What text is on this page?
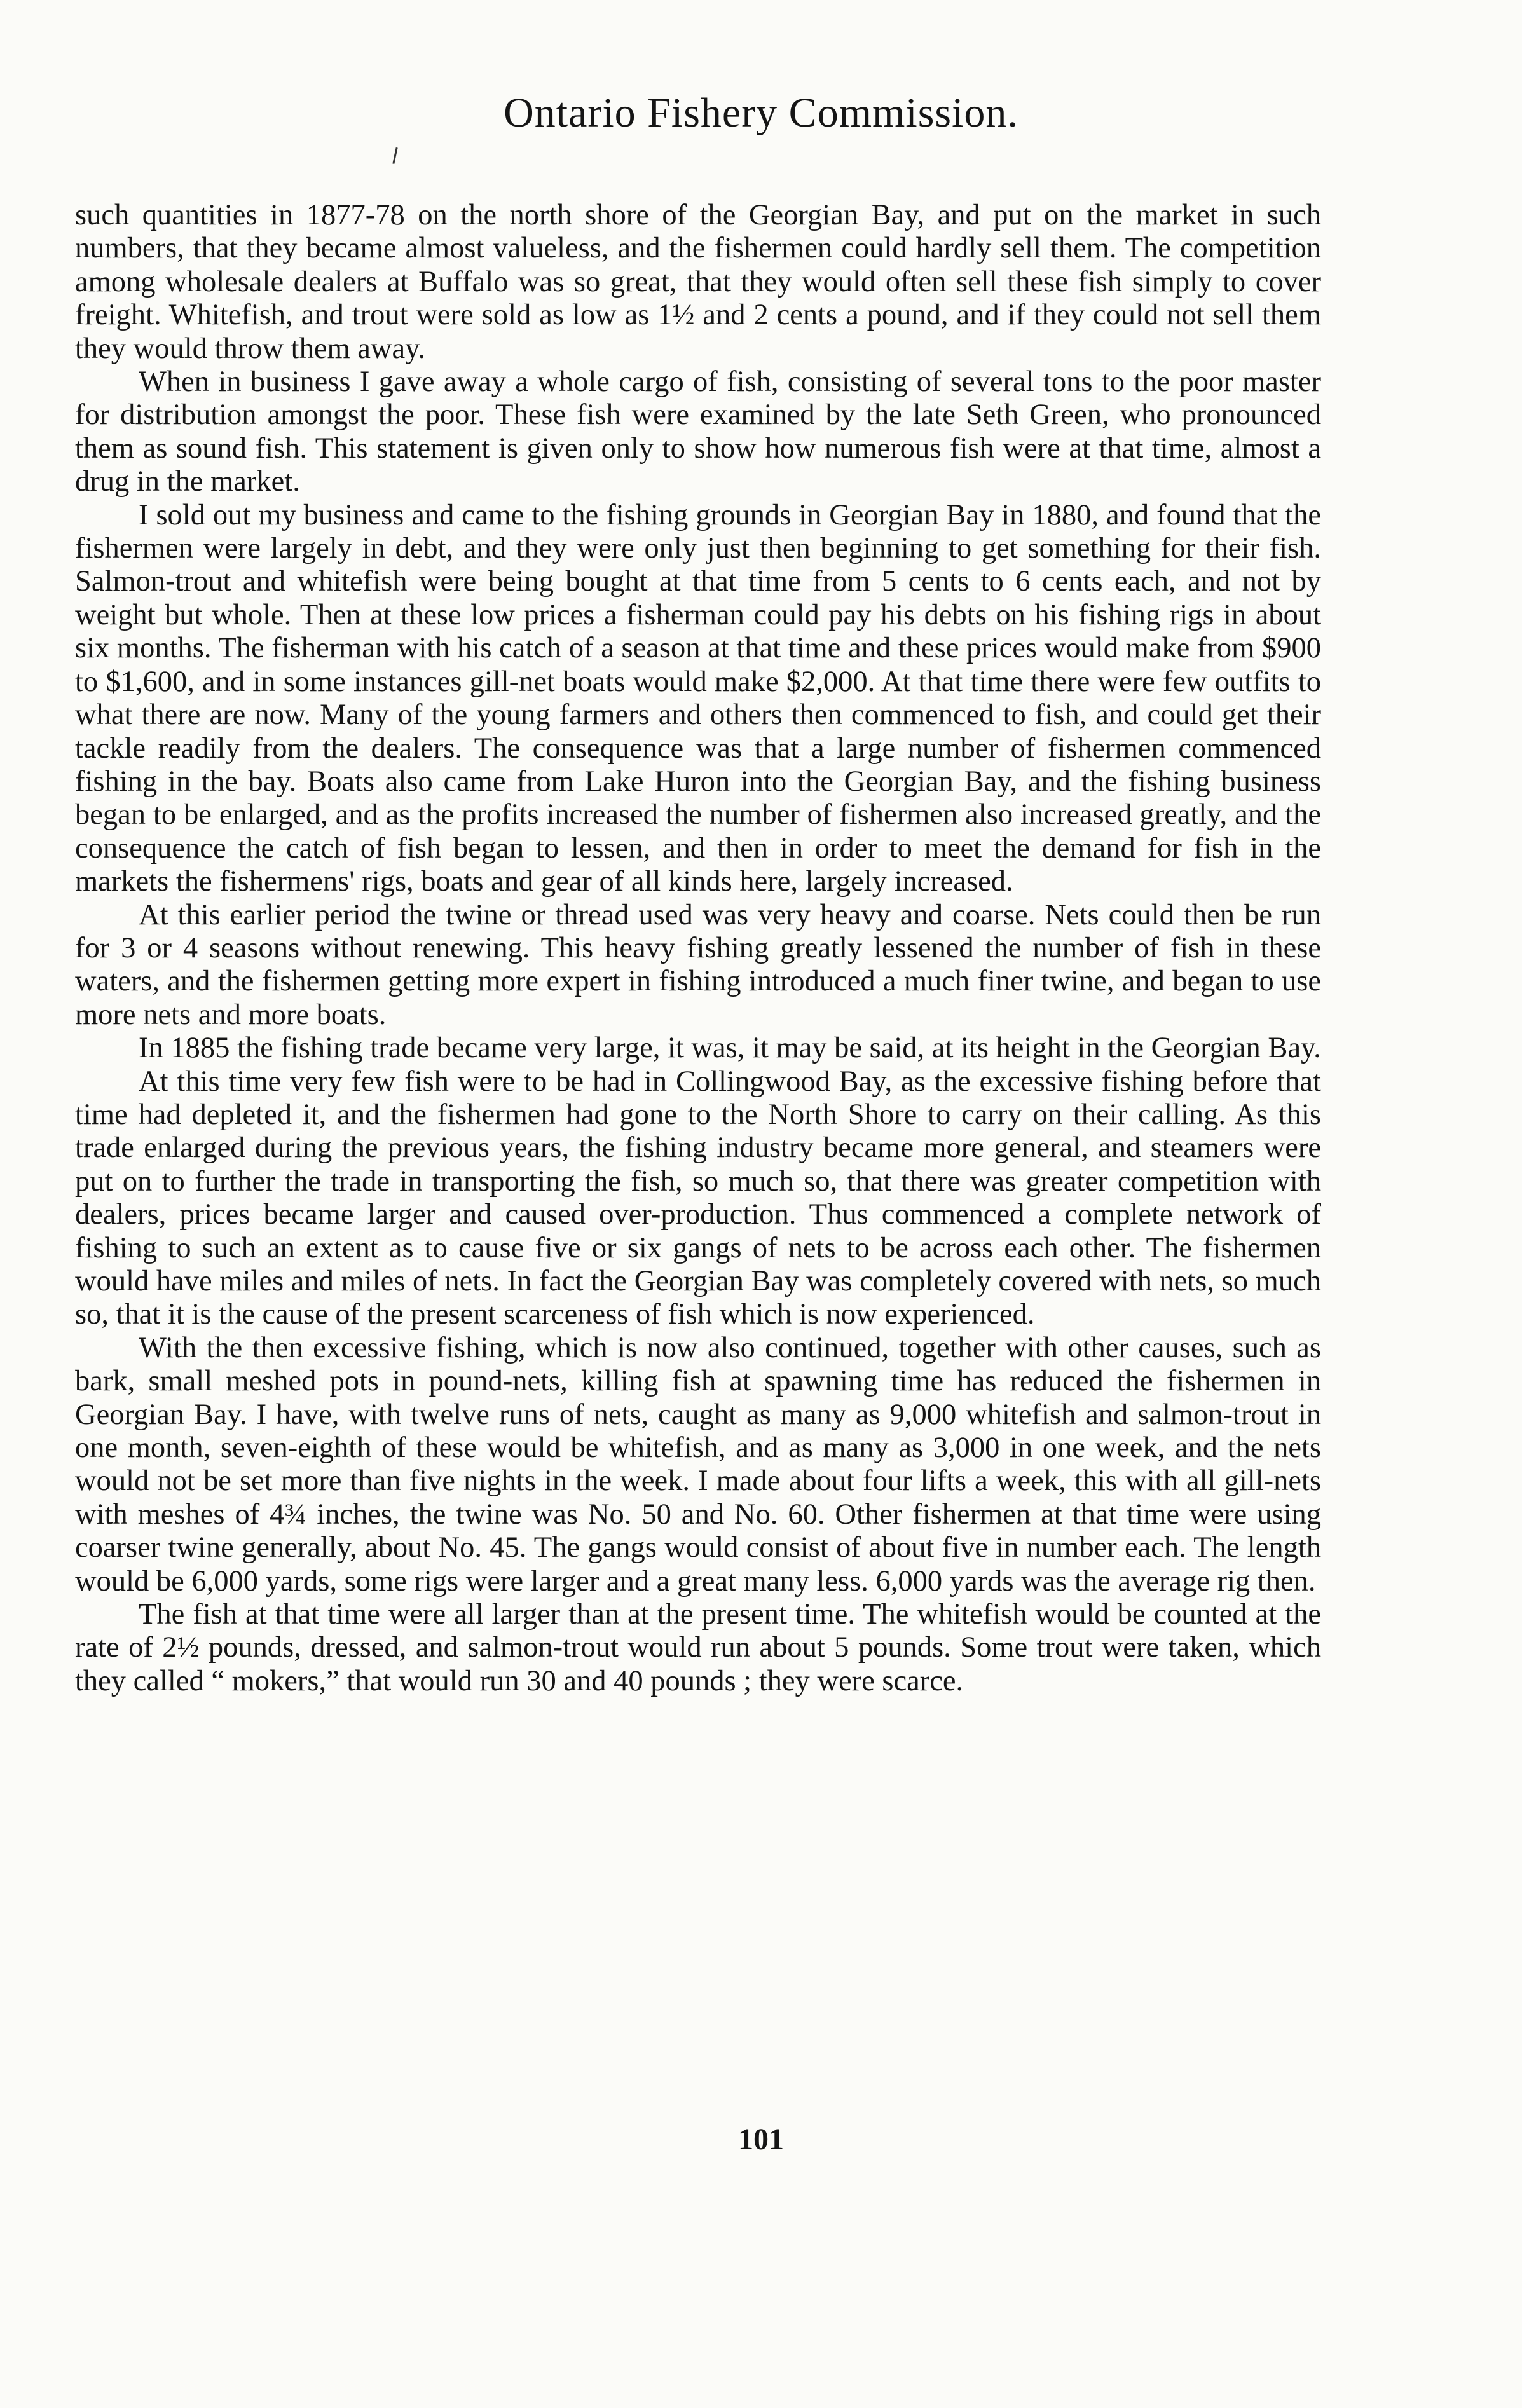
Ontario Fishery Commission.

such quantities in 1877-78 on the north shore of the Georgian Bay, and put on the market in such numbers, that they became almost valueless, and the fishermen could hardly sell them. The competition among wholesale dealers at Buffalo was so great, that they would often sell these fish simply to cover freight. Whitefish, and trout were sold as low as 1½ and 2 cents a pound, and if they could not sell them they would throw them away.

When in business I gave away a whole cargo of fish, consisting of several tons to the poor master for distribution amongst the poor. These fish were examined by the late Seth Green, who pronounced them as sound fish. This statement is given only to show how numerous fish were at that time, almost a drug in the market.

I sold out my business and came to the fishing grounds in Georgian Bay in 1880, and found that the fishermen were largely in debt, and they were only just then beginning to get something for their fish. Salmon-trout and whitefish were being bought at that time from 5 cents to 6 cents each, and not by weight but whole. Then at these low prices a fisherman could pay his debts on his fishing rigs in about six months. The fisherman with his catch of a season at that time and these prices would make from $900 to $1,600, and in some instances gill-net boats would make $2,000. At that time there were few outfits to what there are now. Many of the young farmers and others then commenced to fish, and could get their tackle readily from the dealers. The consequence was that a large number of fishermen commenced fishing in the bay. Boats also came from Lake Huron into the Georgian Bay, and the fishing business began to be enlarged, and as the profits increased the number of fishermen also increased greatly, and the consequence the catch of fish began to lessen, and then in order to meet the demand for fish in the markets the fishermens' rigs, boats and gear of all kinds here, largely increased.

At this earlier period the twine or thread used was very heavy and coarse. Nets could then be run for 3 or 4 seasons without renewing. This heavy fishing greatly lessened the number of fish in these waters, and the fishermen getting more expert in fishing introduced a much finer twine, and began to use more nets and more boats.

In 1885 the fishing trade became very large, it was, it may be said, at its height in the Georgian Bay.

At this time very few fish were to be had in Collingwood Bay, as the excessive fishing before that time had depleted it, and the fishermen had gone to the North Shore to carry on their calling. As this trade enlarged during the previous years, the fishing industry became more general, and steamers were put on to further the trade in transporting the fish, so much so, that there was greater competition with dealers, prices became larger and caused over-production. Thus commenced a complete network of fishing to such an extent as to cause five or six gangs of nets to be across each other. The fishermen would have miles and miles of nets. In fact the Georgian Bay was completely covered with nets, so much so, that it is the cause of the present scarceness of fish which is now experienced.

With the then excessive fishing, which is now also continued, together with other causes, such as bark, small meshed pots in pound-nets, killing fish at spawning time has reduced the fishermen in Georgian Bay. I have, with twelve runs of nets, caught as many as 9,000 whitefish and salmon-trout in one month, seven-eighth of these would be whitefish, and as many as 3,000 in one week, and the nets would not be set more than five nights in the week. I made about four lifts a week, this with all gill-nets with meshes of 4¾ inches, the twine was No. 50 and No. 60. Other fishermen at that time were using coarser twine generally, about No. 45. The gangs would consist of about five in number each. The length would be 6,000 yards, some rigs were larger and a great many less. 6,000 yards was the average rig then.

The fish at that time were all larger than at the present time. The whitefish would be counted at the rate of 2½ pounds, dressed, and salmon-trout would run about 5 pounds. Some trout were taken, which they called “ mokers,” that would run 30 and 40 pounds ; they were scarce.

101
